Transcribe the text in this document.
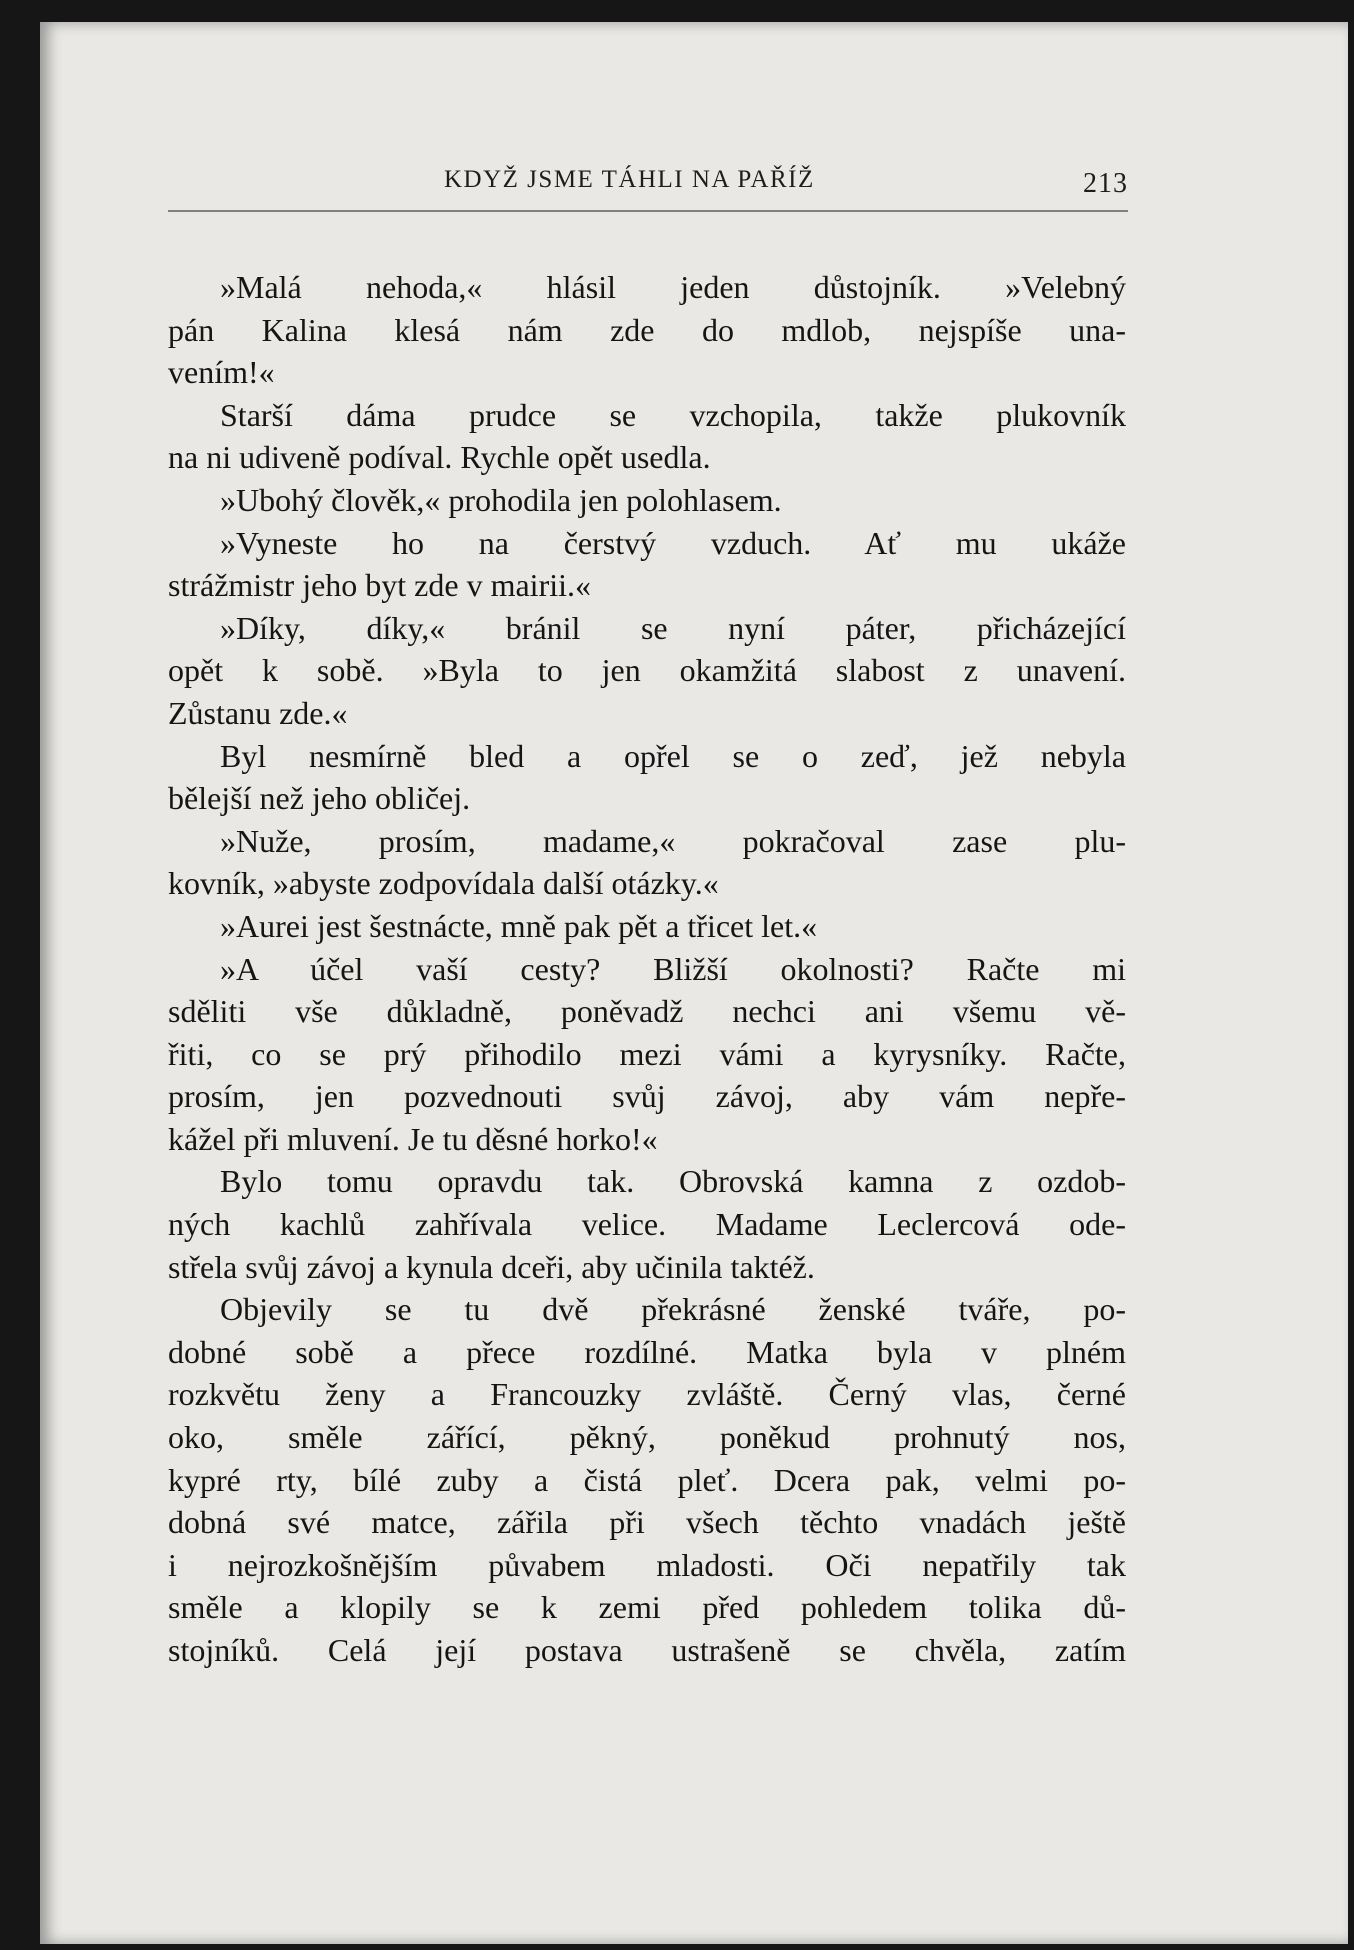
KDYŽ JSME TÁHLI NA PAŘÍŽ	213
»Malá nehoda,« hlásil jeden důstojník. »Velebný
pán Kalina klesá nám zde do mdlob, nejspíše una-
vením!«
Starší dáma prudce se vzchopila, takže plukovník
na ni udiveně podíval. Rychle opět usedla.
»Ubohý člověk,« prohodila jen polohlasem.
»Vyneste ho na čerstvý vzduch. Ať mu ukáže
strážmistr jeho byt zde v mairii.«
»Díky, díky,« bránil se nyní páter, přicházející
opět k sobě. »Byla to jen okamžitá slabost z unavení.
Zůstanu zde.«
Byl nesmírně bled a opřel se o zeď, jež nebyla
bělejší než jeho obličej.
»Nuže, prosím, madame,« pokračoval zase plu-
kovník, »abyste zodpovídala další otázky.«
»Aurei jest šestnácte, mně pak pět a třicet let.«
»A účel vaší cesty? Bližší okolnosti? Račte mi
sděliti vše důkladně, poněvadž nechci ani všemu vě-
řiti, co se prý přihodilo mezi vámi a kyrysníky. Račte,
prosím, jen pozvednouti svůj závoj, aby vám nepře-
kážel při mluvení. Je tu děsné horko!«
Bylo tomu opravdu tak. Obrovská kamna z ozdob-
ných kachlů zahřívala velice. Madame Leclercová ode-
střela svůj závoj a kynula dceři, aby učinila taktéž.
Objevily se tu dvě překrásné ženské tváře, po-
dobné sobě a přece rozdílné. Matka byla v plném
rozkvětu ženy a Francouzky zvláště. Černý vlas, černé
oko, směle zářící, pěkný, poněkud prohnutý nos,
kypré rty, bílé zuby a čistá pleť. Dcera pak, velmi po-
dobná své matce, zářila při všech těchto vnadách ještě
i nejrozkošnějším půvabem mladosti. Oči nepatřily tak
směle a klopily se k zemi před pohledem tolika dů-
stojníků. Celá její postava ustrašeně se chvěla, zatím
